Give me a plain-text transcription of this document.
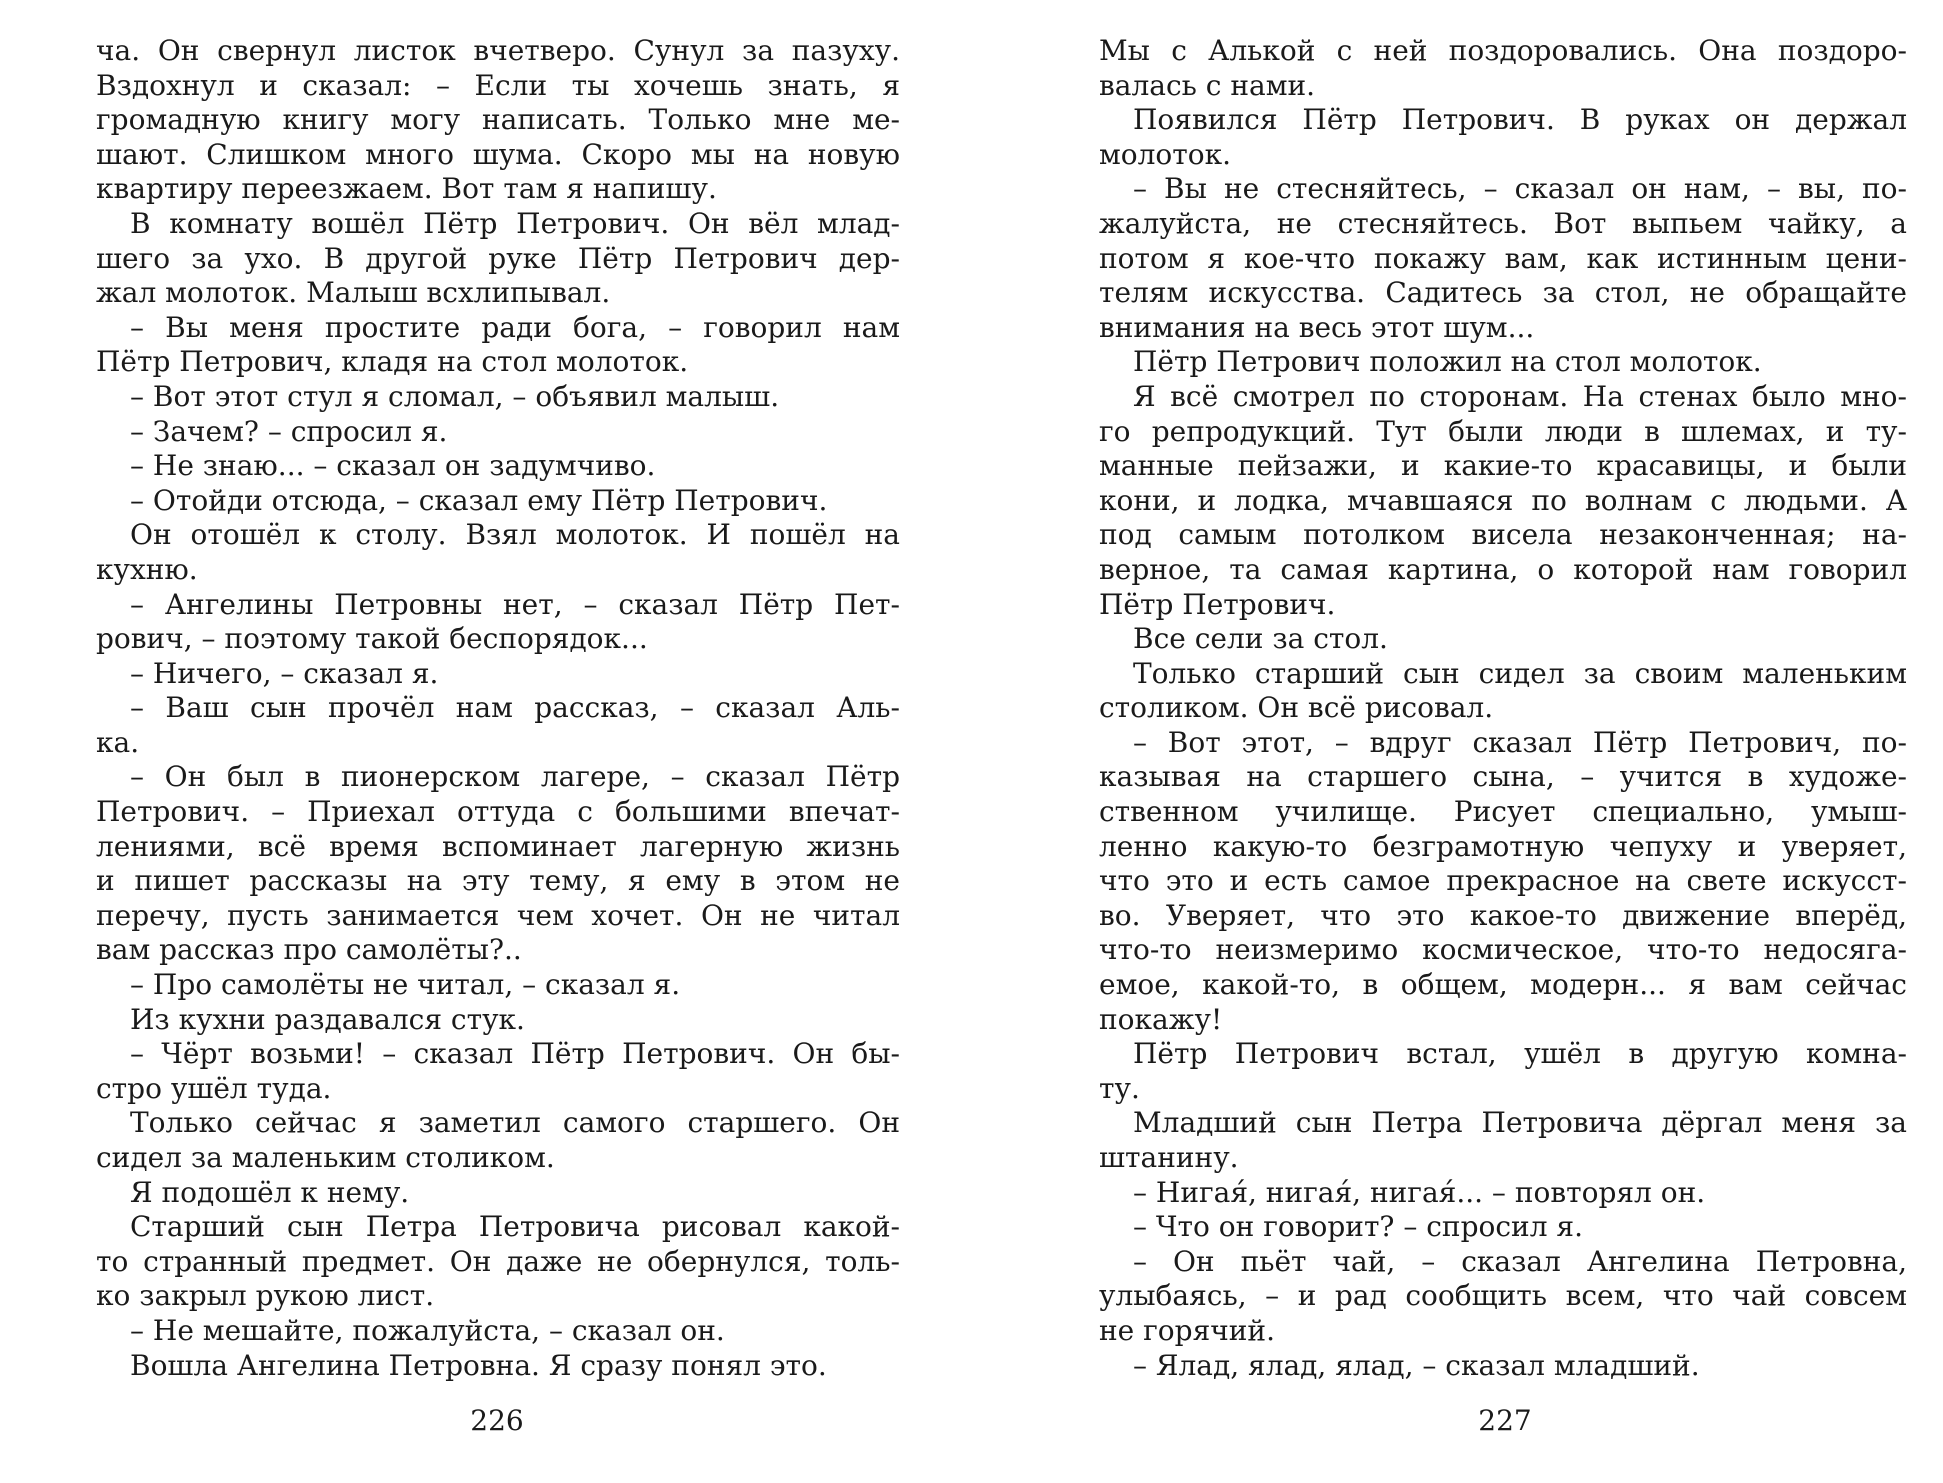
ча. Он свернул листок вчетверо. Сунул за пазуху.
Вздохнул и сказал: – Если ты хочешь знать, я
громадную книгу могу написать. Только мне ме-
шают. Слишком много шума. Скоро мы на новую
квартиру переезжаем. Вот там я напишу.
В комнату вошёл Пётр Петрович. Он вёл млад-
шего за ухо. В другой руке Пётр Петрович дер-
жал молоток. Малыш всхлипывал.
– Вы меня простите ради бога, – говорил нам
Пётр Петрович, кладя на стол молоток.
– Вот этот стул я сломал, – объявил малыш.
– Зачем? – спросил я.
– Не знаю... – сказал он задумчиво.
– Отойди отсюда, – сказал ему Пётр Петрович.
Он отошёл к столу. Взял молоток. И пошёл на
кухню.
– Ангелины Петровны нет, – сказал Пётр Пет-
рович, – поэтому такой беспорядок...
– Ничего, – сказал я.
– Ваш сын прочёл нам рассказ, – сказал Аль-
ка.
– Он был в пионерском лагере, – сказал Пётр
Петрович. – Приехал оттуда с большими впечат-
лениями, всё время вспоминает лагерную жизнь
и пишет рассказы на эту тему, я ему в этом не
перечу, пусть занимается чем хочет. Он не читал
вам рассказ про самолёты?..
– Про самолёты не читал, – сказал я.
Из кухни раздавался стук.
– Чёрт возьми! – сказал Пётр Петрович. Он бы-
стро ушёл туда.
Только сейчас я заметил самого старшего. Он
сидел за маленьким столиком.
Я подошёл к нему.
Старший сын Петра Петровича рисовал какой-
то странный предмет. Он даже не обернулся, толь-
ко закрыл рукою лист.
– Не мешайте, пожалуйста, – сказал он.
Вошла Ангелина Петровна. Я сразу понял это.
226
Мы с Алькой с ней поздоровались. Она поздоро-
валась с нами.
Появился Пётр Петрович. В руках он держал
молоток.
– Вы не стесняйтесь, – сказал он нам, – вы, по-
жалуйста, не стесняйтесь. Вот выпьем чайку, а
потом я кое-что покажу вам, как истинным цени-
телям искусства. Садитесь за стол, не обращайте
внимания на весь этот шум...
Пётр Петрович положил на стол молоток.
Я всё смотрел по сторонам. На стенах было мно-
го репродукций. Тут были люди в шлемах, и ту-
манные пейзажи, и какие-то красавицы, и были
кони, и лодка, мчавшаяся по волнам с людьми. А
под самым потолком висела незаконченная; на-
верное, та самая картина, о которой нам говорил
Пётр Петрович.
Все сели за стол.
Только старший сын сидел за своим маленьким
столиком. Он всё рисовал.
– Вот этот, – вдруг сказал Пётр Петрович, по-
казывая на старшего сына, – учится в художе-
ственном училище. Рисует специально, умыш-
ленно какую-то безграмотную чепуху и уверяет,
что это и есть самое прекрасное на свете искусст-
во. Уверяет, что это какое-то движение вперёд,
что-то неизмеримо космическое, что-то недосяга-
емое, какой-то, в общем, модерн... я вам сейчас
покажу!
Пётр Петрович встал, ушёл в другую комна-
ту.
Младший сын Петра Петровича дёргал меня за
штанину.
– Нигая́, нигая́, нигая́... – повторял он.
– Что он говорит? – спросил я.
– Он пьёт чай, – сказал Ангелина Петровна,
улыбаясь, – и рад сообщить всем, что чай совсем
не горячий.
– Ялад, ялад, ялад, – сказал младший.
227
